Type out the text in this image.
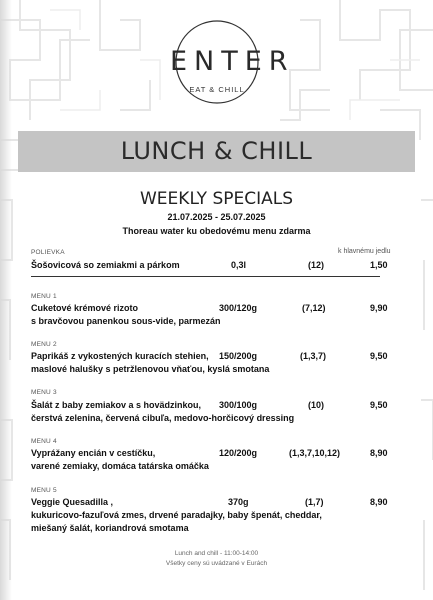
ENTER
EAT & CHILL
LUNCH & CHILL
WEEKLY SPECIALS
21.07.2025 - 25.07.2025
Thoreau water ku obedovému menu zdarma
POLIEVKA	k hlavnému jedlu
Šošovicová so zemiakmi a párkom	0,3l	(12)	1,50
MENU 1
Cuketové krémové rizoto
s bravčovou panenkou sous-vide, parmezán
300/120g	(7,12)	9,90
MENU 2
Paprikáš z vykostených kuracích stehien,
maslové halušky s petržlenovou vňaťou, kyslá smotana
150/200g	(1,3,7)	9,50
MENU 3
Šalát z baby zemiakov a s hovädzinkou,
čerstvá zelenina, červená cibuľa, medovo-horčicový dressing
300/100g	(10)	9,50
MENU 4
Vyprážany encián v cestíčku,
varené zemiaky, domáca tatárska omáčka
120/200g	(1,3,7,10,12)	8,90
MENU 5
Veggie Quesadilla ,
kukuricovo-fazuľová zmes, drvené paradajky, baby špenát, cheddar,
miešaný šalát, koriandrová smotama
370g	(1,7)	8,90
Lunch and chill - 11:00-14:00
Všetky ceny sú uvádzané v Eurách
